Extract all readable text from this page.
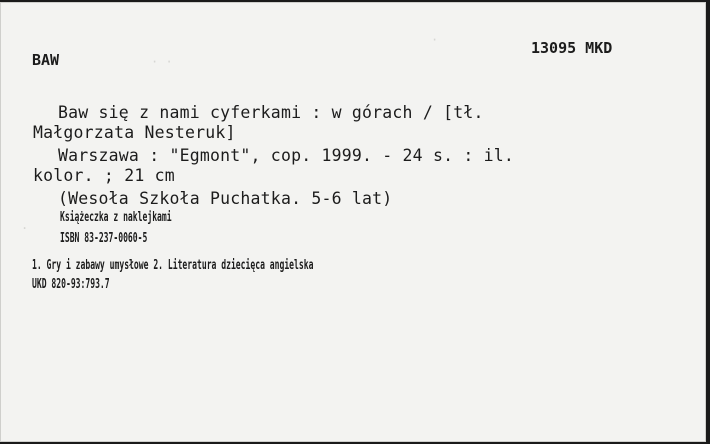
· ·
·
.
BAW
13095 MKD
Baw się z nami cyferkami : w górach / [tł.
Małgorzata Nesteruk]
Warszawa : "Egmont", cop. 1999. - 24 s. : il.
kolor. ; 21 cm
(Wesoła Szkoła Puchatka. 5-6 lat)
Książeczka z naklejkami
ISBN 83-237-0060-5
1. Gry i zabawy umysłowe 2. Literatura dziecięca angielska
UKD 820-93:793.7
